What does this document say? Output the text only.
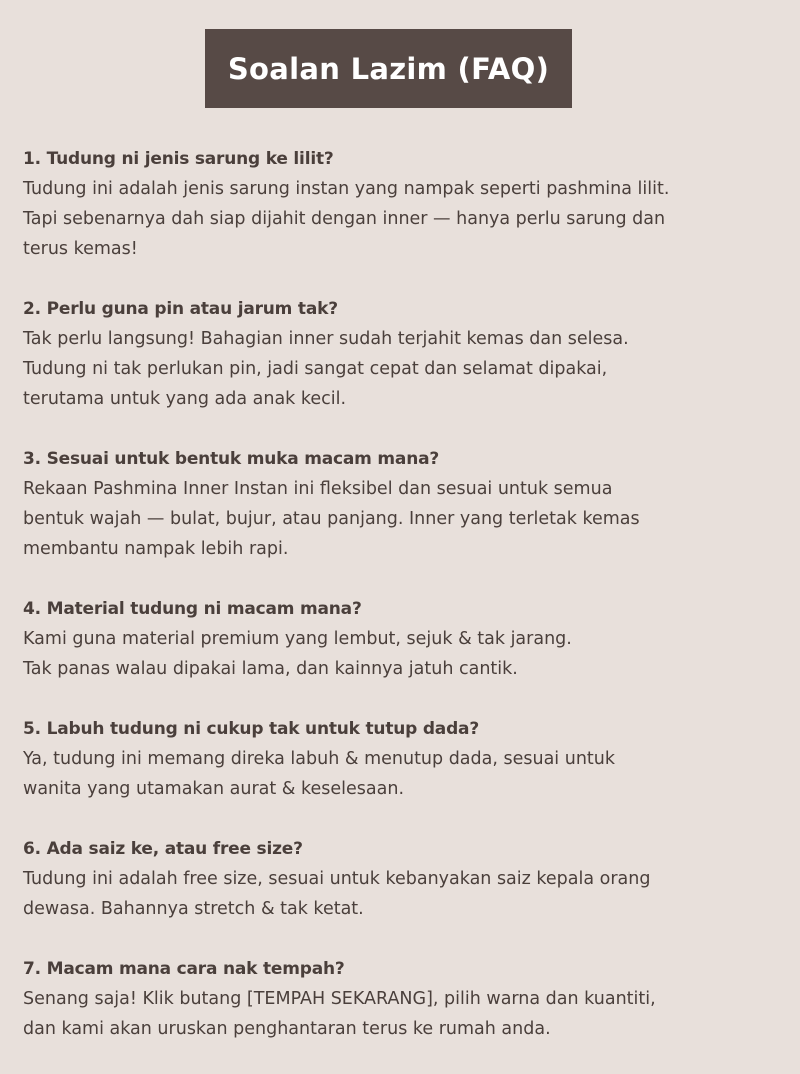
Soalan Lazim (FAQ)
1. Tudung ni jenis sarung ke lilit?
Tudung ini adalah jenis sarung instan yang nampak seperti pashmina lilit.
Tapi sebenarnya dah siap dijahit dengan inner — hanya perlu sarung dan
terus kemas!
2. Perlu guna pin atau jarum tak?
Tak perlu langsung! Bahagian inner sudah terjahit kemas dan selesa.
Tudung ni tak perlukan pin, jadi sangat cepat dan selamat dipakai,
terutama untuk yang ada anak kecil.
3. Sesuai untuk bentuk muka macam mana?
Rekaan Pashmina Inner Instan ini fleksibel dan sesuai untuk semua
bentuk wajah — bulat, bujur, atau panjang. Inner yang terletak kemas
membantu nampak lebih rapi.
4. Material tudung ni macam mana?
Kami guna material premium yang lembut, sejuk & tak jarang.
Tak panas walau dipakai lama, dan kainnya jatuh cantik.
5. Labuh tudung ni cukup tak untuk tutup dada?
Ya, tudung ini memang direka labuh & menutup dada, sesuai untuk
wanita yang utamakan aurat & keselesaan.
6. Ada saiz ke, atau free size?
Tudung ini adalah free size, sesuai untuk kebanyakan saiz kepala orang
dewasa. Bahannya stretch & tak ketat.
7. Macam mana cara nak tempah?
Senang saja! Klik butang [TEMPAH SEKARANG], pilih warna dan kuantiti,
dan kami akan uruskan penghantaran terus ke rumah anda.
